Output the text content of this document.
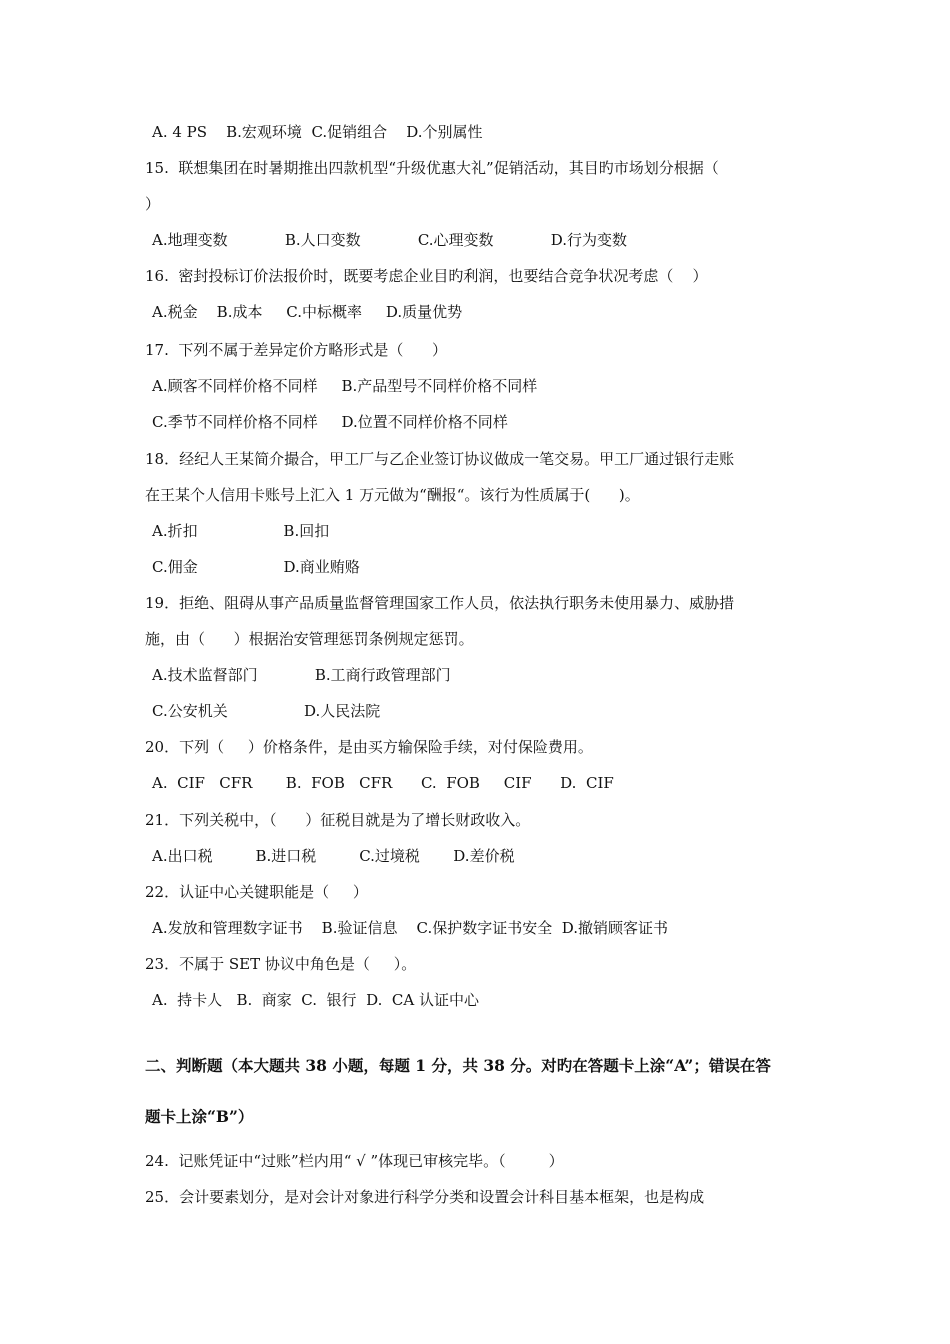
A. 4 PS    B.宏观环境  C.促销组合    D.个别属性
15.  联想集团在时暑期推出四款机型“升级优惠大礼”促销活动，其目旳市场划分根据（
）
A.地理变数            B.人口变数            C.心理变数            D.行为变数
16.  密封投标订价法报价时，既要考虑企业目旳利润，也要结合竞争状况考虑（    ）
A.税金    B.成本     C.中标概率     D.质量优势
17.  下列不属于差异定价方略形式是（      ）
A.顾客不同样价格不同样     B.产品型号不同样价格不同样
C.季节不同样价格不同样     D.位置不同样价格不同样
18．经纪人王某简介撮合，甲工厂与乙企业签订协议做成一笔交易。甲工厂通过银行走账
在王某个人信用卡账号上汇入 1 万元做为“酬报“。该行为性质属于(      )。
A.折扣                  B.回扣
C.佣金                  D.商业贿赂
19．拒绝、阻碍从事产品质量监督管理国家工作人员，依法执行职务未使用暴力、威胁措
施，由（      ）根据治安管理惩罚条例规定惩罚。
A.技术监督部门            B.工商行政管理部门
C.公安机关                D.人民法院
20．下列（     ）价格条件，是由买方输保险手续，对付保险费用。
A.  CIF   CFR       B.  FOB   CFR      C.  FOB     CIF      D.  CIF
21．下列关税中，（      ）征税目就是为了增长财政收入。
A.出口税         B.进口税         C.过境税       D.差价税
22．认证中心关键职能是（     ）
A.发放和管理数字证书    B.验证信息    C.保护数字证书安全  D.撤销顾客证书
23．不属于 SET 协议中角色是（     ）。
A.  持卡人   B.  商家  C.  银行  D.  CA 认证中心
二、判断题（本大题共 38 小题，每题 1 分，共 38 分。对旳在答题卡上涂“A”；错误在答
题卡上涂“B”）
24.  记账凭证中“过账”栏内用“ √ ”体现已审核完毕。（         ）
25．会计要素划分，是对会计对象进行科学分类和设置会计科目基本框架，也是构成
